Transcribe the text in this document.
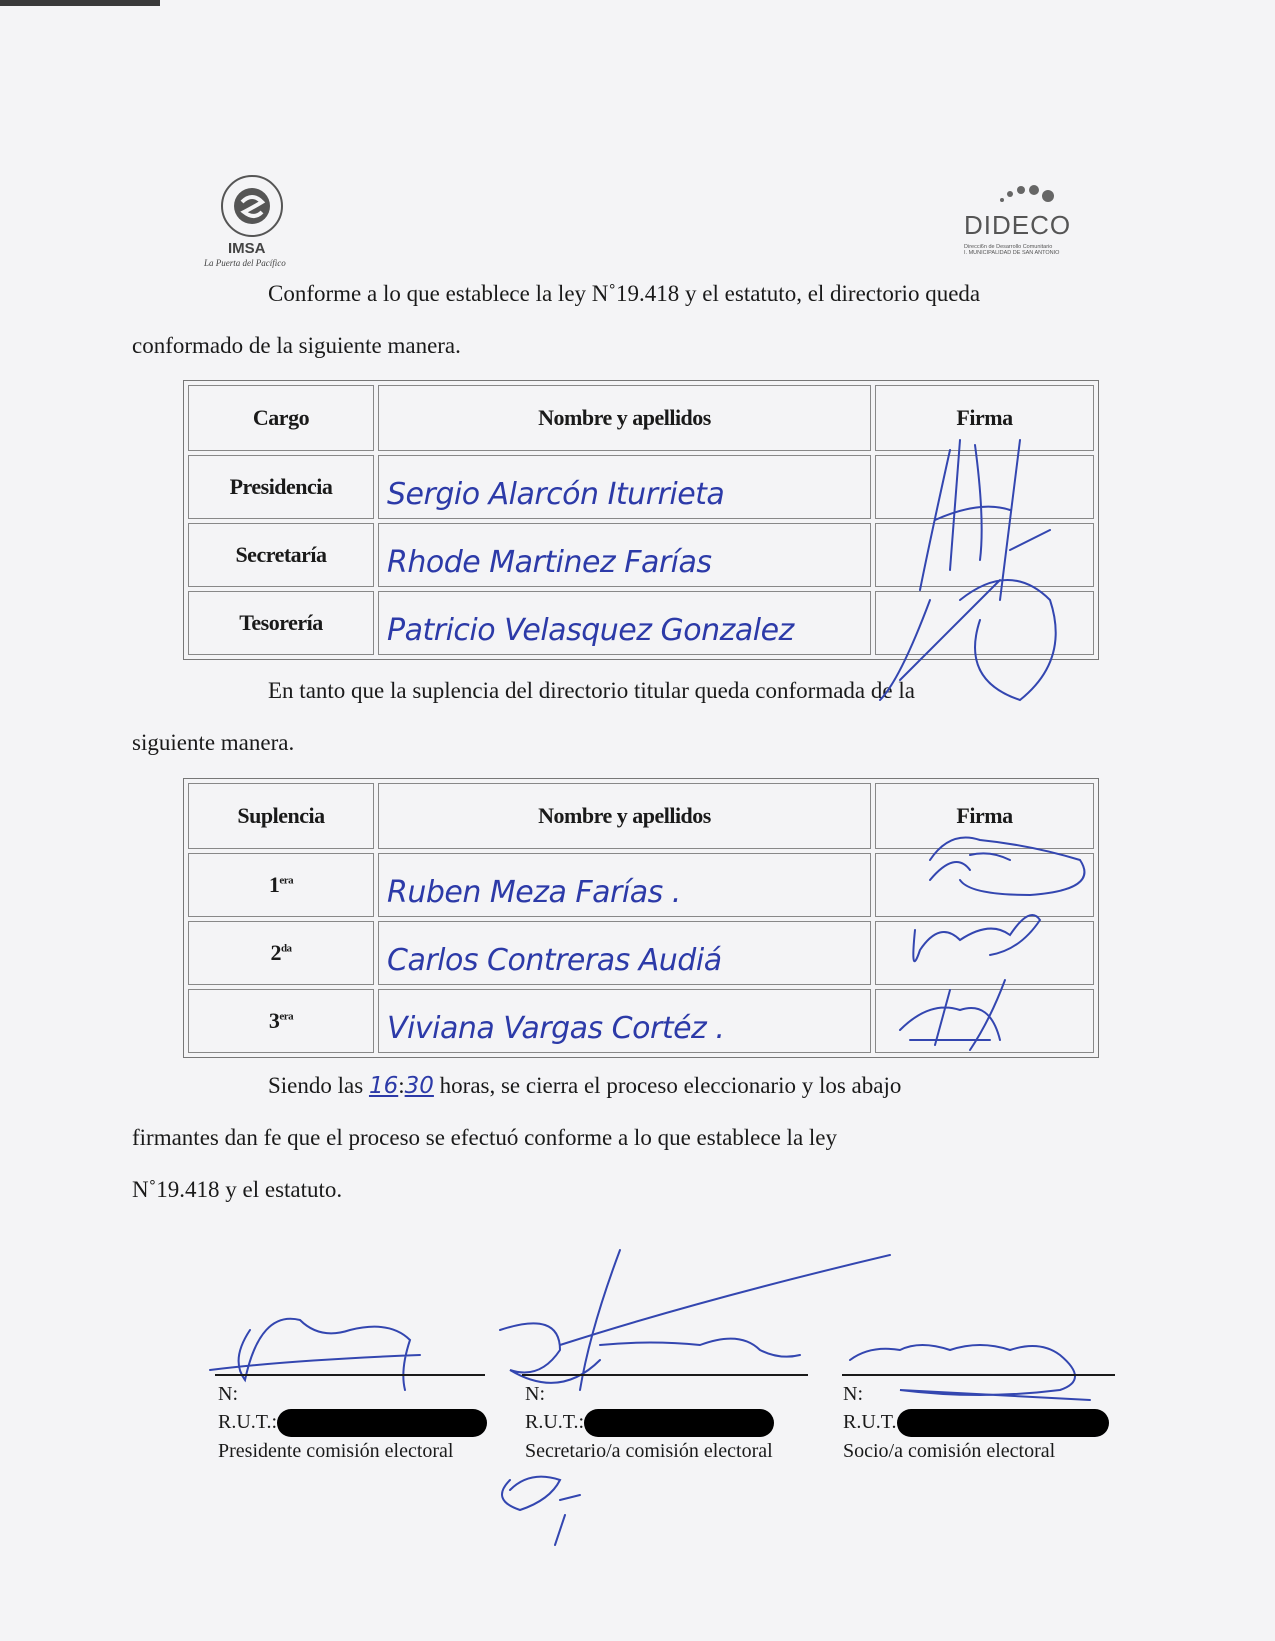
IMSA
La Puerta del Pacífico
DIDECO
Direcci6n de Desarrollo Comunitario
I. MUNICIPALIDAD DE SAN ANTONIO
Conforme a lo que establece la ley N˚19.418 y el estatuto, el directorio queda
conformado de la siguiente manera.
Cargo	Nombre y apellidos	Firma
Presidencia	Sergio Alarcón Iturrieta	
Secretaría	Rhode Martinez Farías	
Tesorería	Patricio Velasquez Gonzalez	
En tanto que la suplencia del directorio titular queda conformada de la
siguiente manera.
Suplencia	Nombre y apellidos	Firma
$1^{era}$	Ruben Meza Farías .	
$2^{da}$	Carlos Contreras Audiá	
$3^{era}$	Viviana Vargas Cortéz .	
Siendo las 16:30 horas, se cierra el proceso eleccionario y los abajo
firmantes dan fe que el proceso se efectuó conforme a lo que establece la ley
N˚19.418 y el estatuto.
N:
R.U.T.:
Presidente comisión electoral
N:
R.U.T.:
Secretario/a comisión electoral
N:
R.U.T.
Socio/a comisión electoral
